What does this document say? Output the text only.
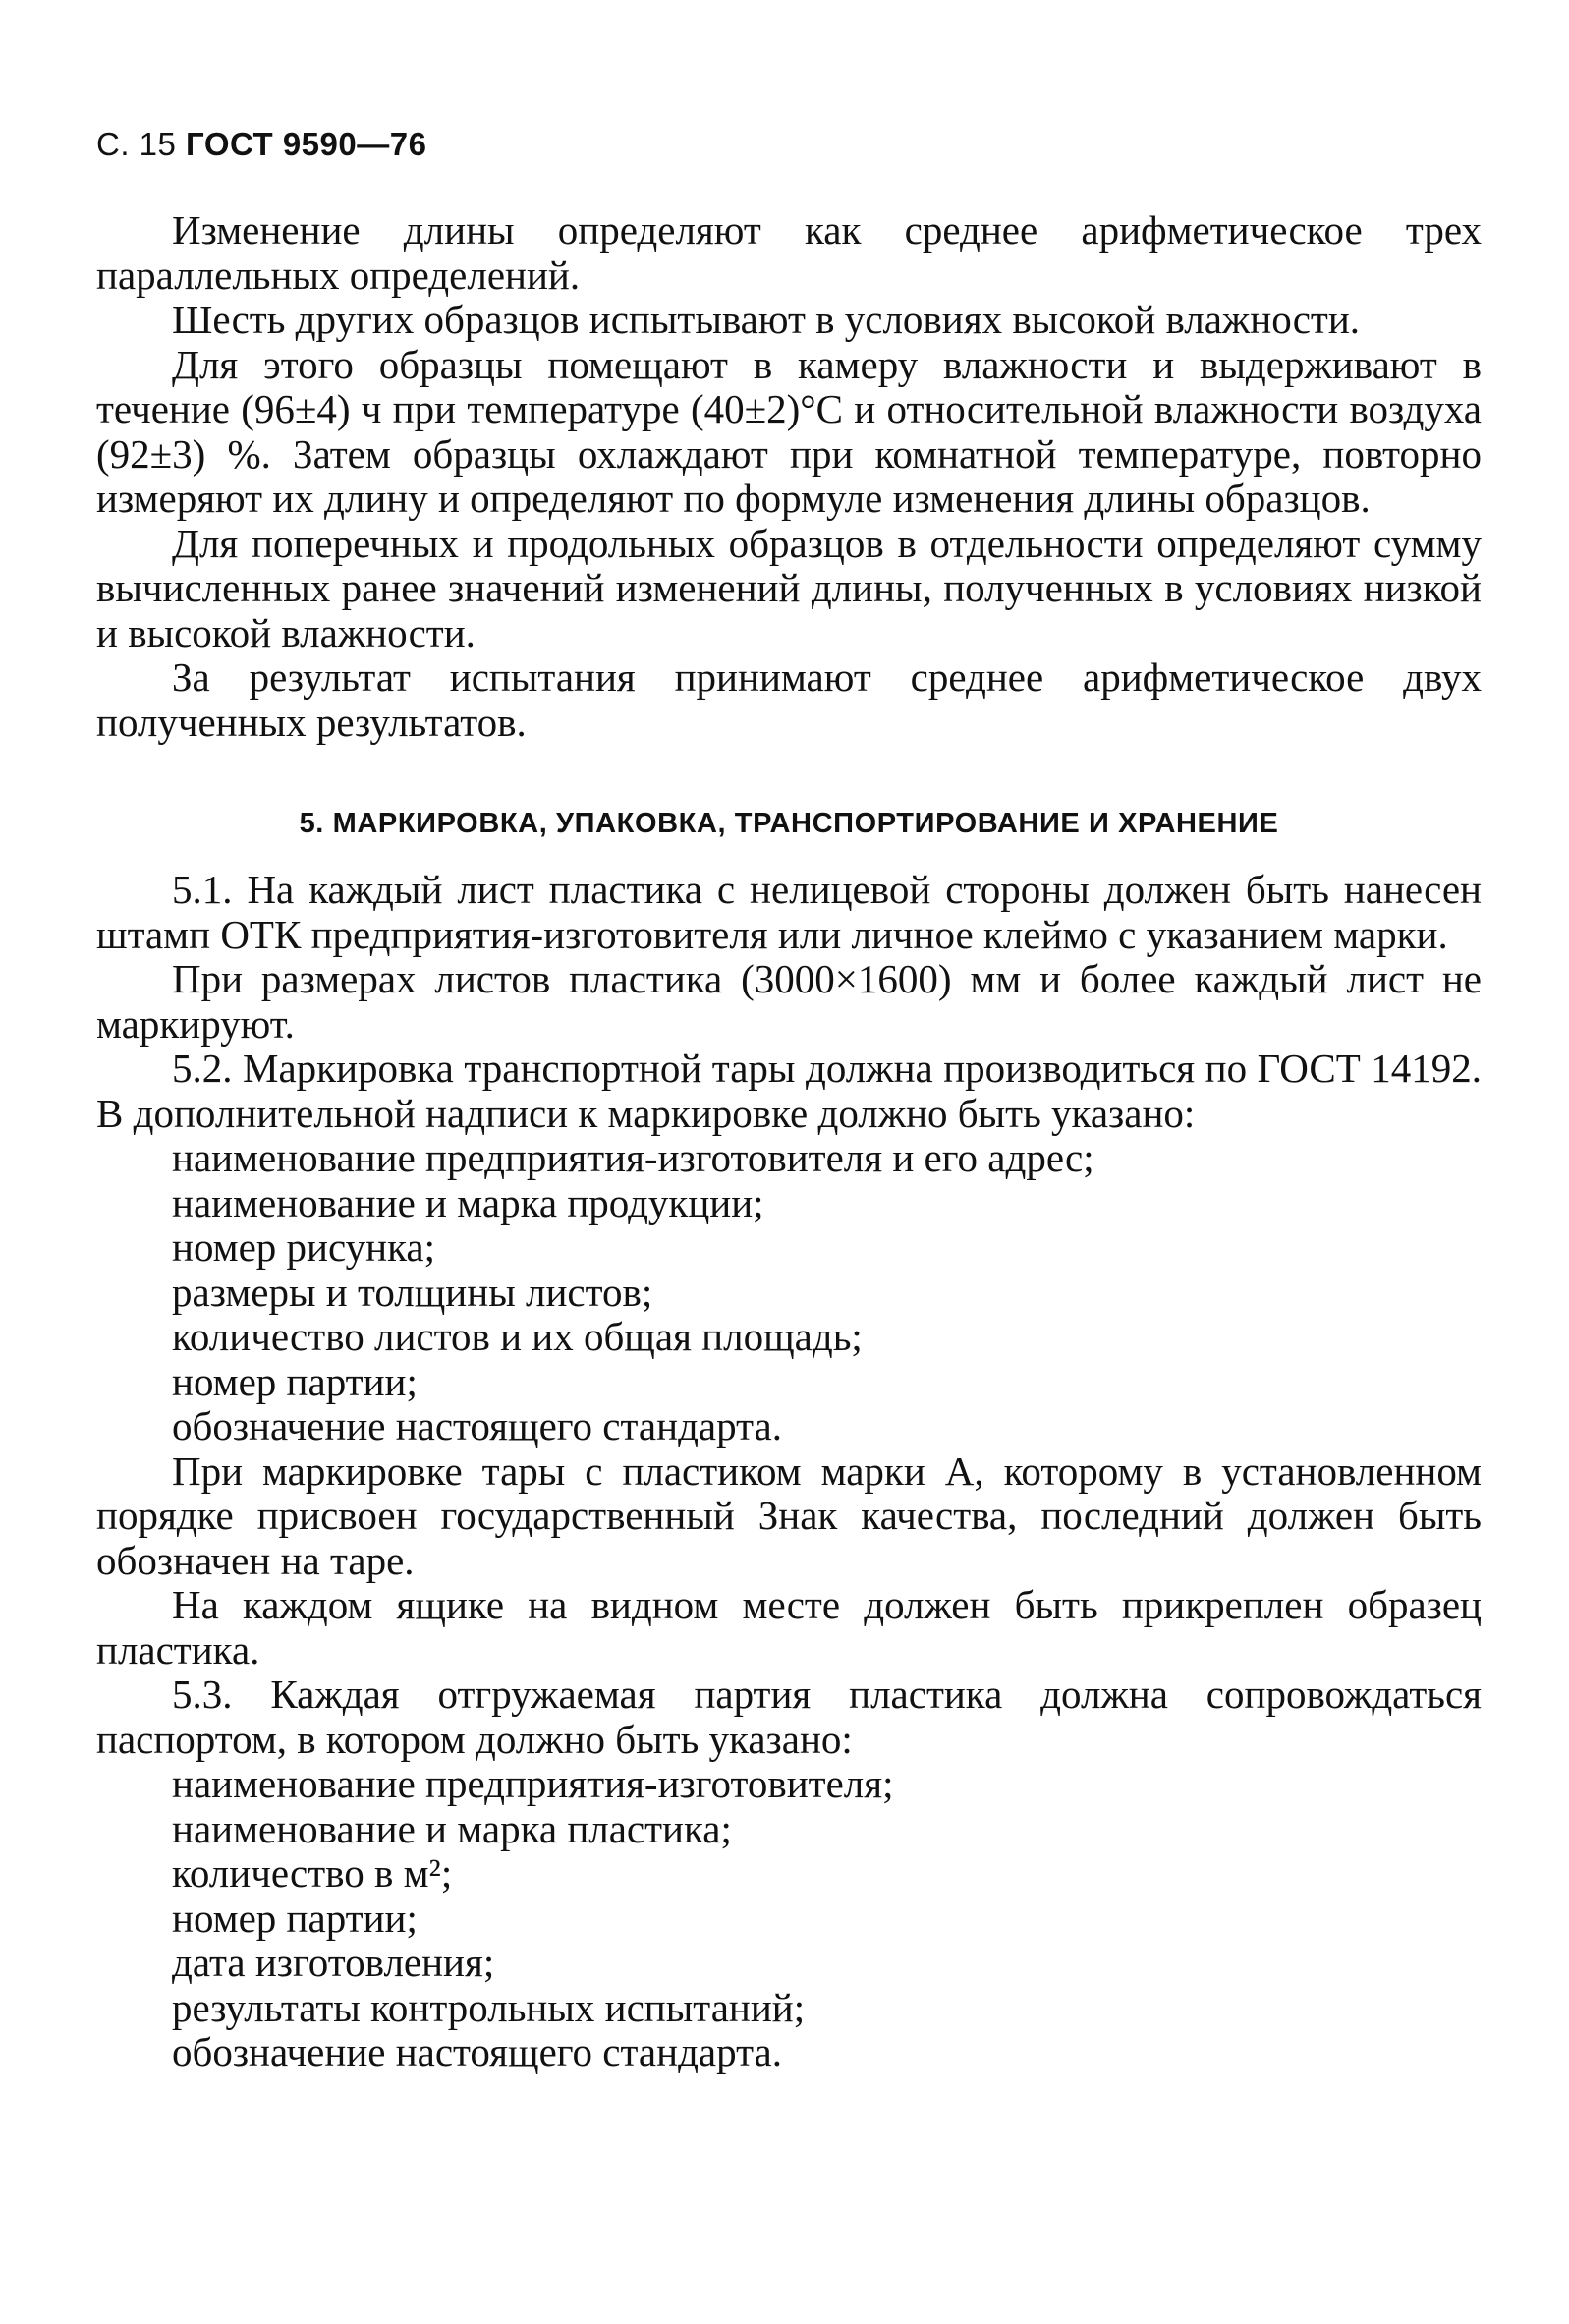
С. 15 ГОСТ 9590—76

Изменение длины определяют как среднее арифметическое трех параллельных определений.

Шесть других образцов испытывают в условиях высокой влажности.

Для этого образцы помещают в камеру влажности и выдерживают в течение (96±4) ч при температуре (40±2)°С и относительной влажности воздуха (92±3) %. Затем образцы охлаждают при комнатной температуре, повторно измеряют их длину и определяют по формуле изменения длины образцов.

Для поперечных и продольных образцов в отдельности определяют сумму вычисленных ранее значений изменений длины, полученных в условиях низкой и высокой влажности.

За результат испытания принимают среднее арифметическое двух полученных результатов.

5. МАРКИРОВКА, УПАКОВКА, ТРАНСПОРТИРОВАНИЕ И ХРАНЕНИЕ

5.1. На каждый лист пластика с нелицевой стороны должен быть нанесен штамп ОТК предприятия-изготовителя или личное клеймо с указанием марки.

При размерах листов пластика (3000×1600) мм и более каждый лист не маркируют.

5.2. Маркировка транспортной тары должна производиться по ГОСТ 14192. В дополнительной надписи к маркировке должно быть указано:

наименование предприятия-изготовителя и его адрес;

наименование и марка продукции;

номер рисунка;

размеры и толщины листов;

количество листов и их общая площадь;

номер партии;

обозначение настоящего стандарта.

При маркировке тары с пластиком марки А, которому в установленном порядке присвоен государственный Знак качества, последний должен быть обозначен на таре.

На каждом ящике на видном месте должен быть прикреплен образец пластика.

5.3. Каждая отгружаемая партия пластика должна сопровождаться паспортом, в котором должно быть указано:

наименование предприятия-изготовителя;

наименование и марка пластика;

количество в м²;

номер партии;

дата изготовления;

результаты контрольных испытаний;

обозначение настоящего стандарта.
